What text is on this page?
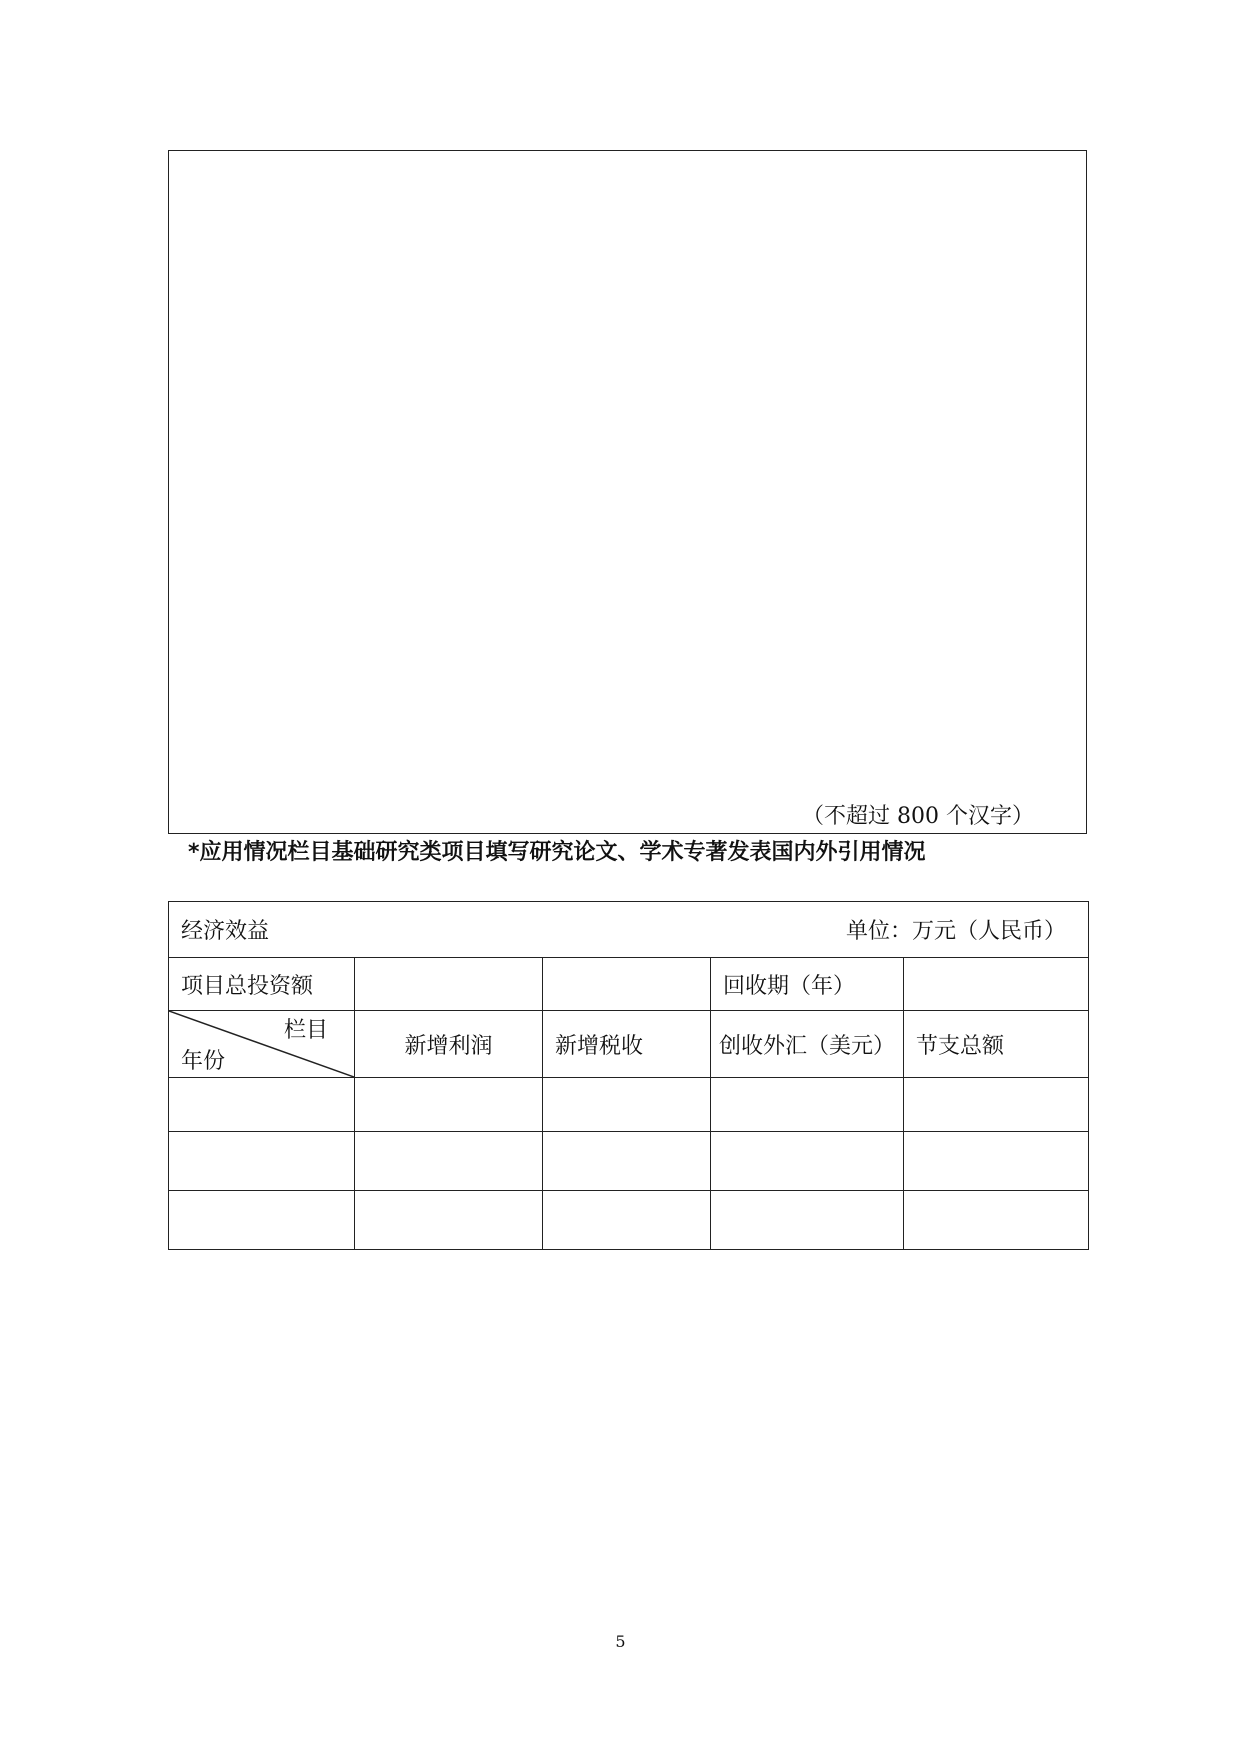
（不超过 800 个汉字）
*应用情况栏目基础研究类项目填写研究论文、学术专著发表国内外引用情况
经济效益 单位：万元（人民币）				

项目总投资额			回收期（年）	

栏目
年份	新增利润	新增税收	创收外汇（美元）	节支总额

5
